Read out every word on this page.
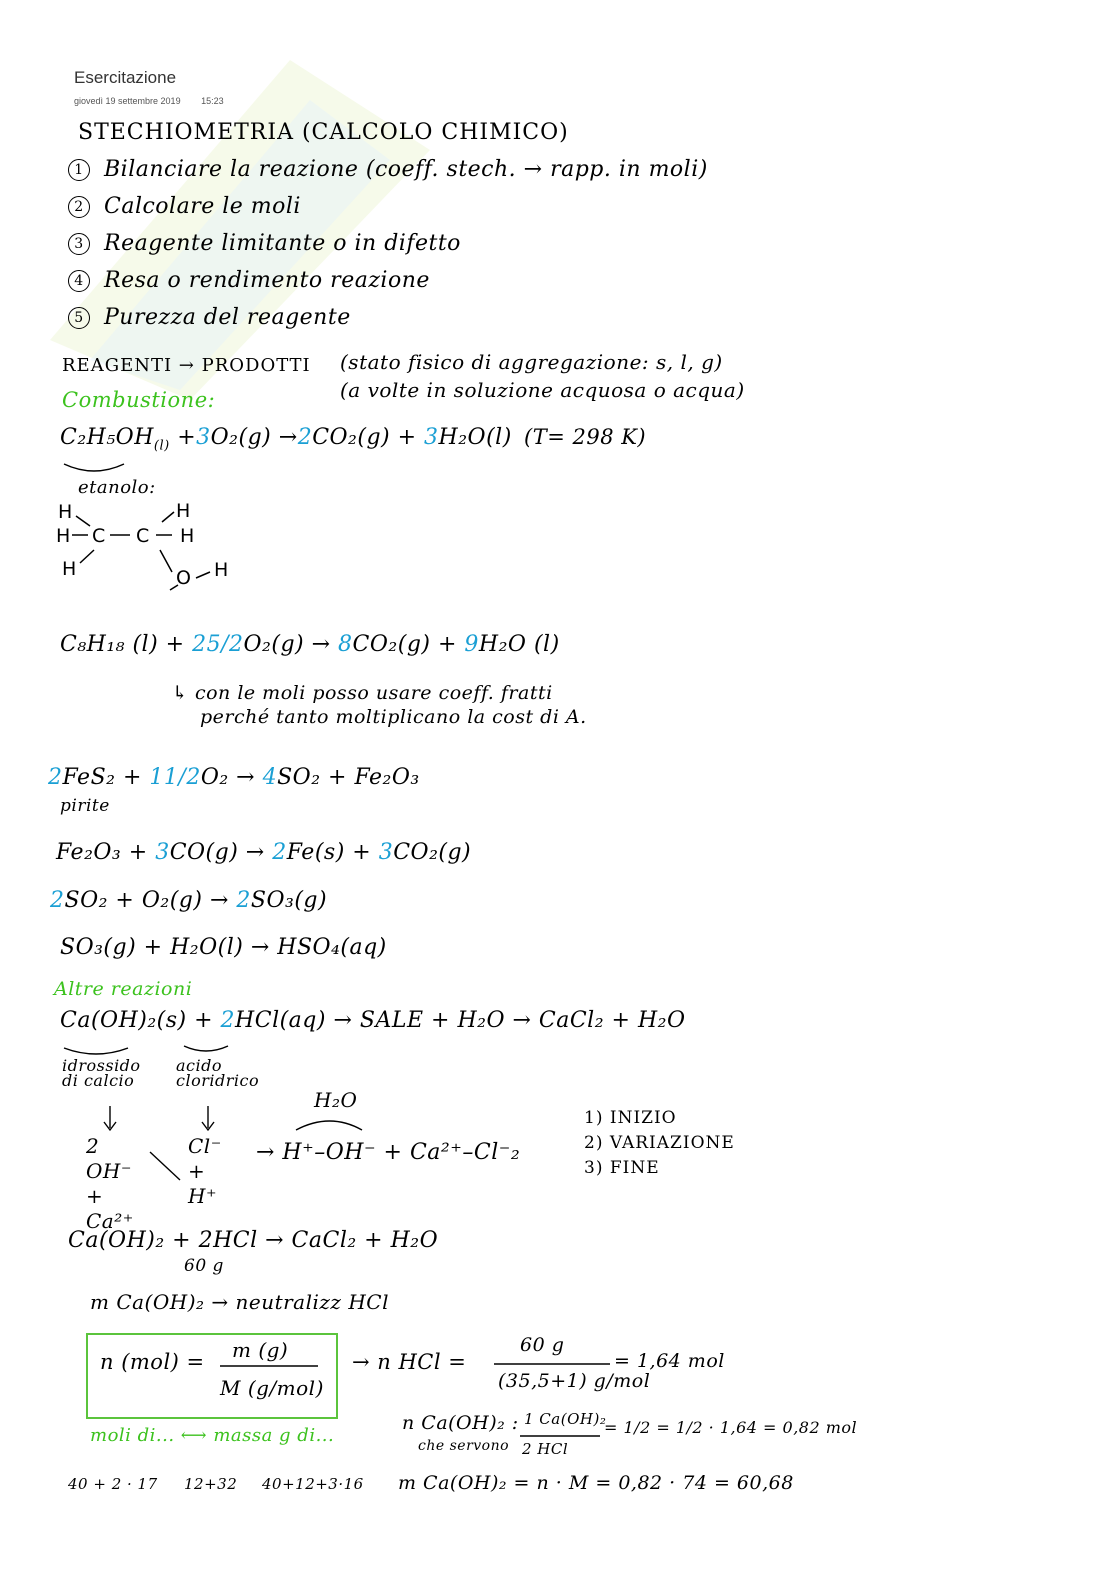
Esercitazione
giovedì 19 settembre 2019 15:23
STECHIOMETRIA (CALCOLO CHIMICO)
1 Bilanciare la reazione (coeff. stech. → rapp. in moli)
2 Calcolare le moli
3 Reagente limitante o in difetto
4 Resa o rendimento reazione
5 Purezza del reagente
REAGENTI → PRODOTTI (stato fisico di aggregazione: s, l, g)
(a volte in soluzione acquosa o acqua)
Combustione:
$C_2H_5OH_{(l)} +3O_2(g) \to 2CO_2(g) + 3H_2O(l)$ (T= 298 K)
etanolo:
H
H C C H
H
H	O H
C₈H₁₈ (l) + 25/2O₂(g) → 8CO₂(g) + 9H₂O (l)
↳ con le moli posso usare coeff. fratti
perché tanto moltiplicano la cost di A.
2FeS₂ + 11/2O₂ → 4SO₂ + Fe₂O₃
pirite
Fe₂O₃ + 3CO(g) → 2Fe(s) + 3CO₂(g)
2SO₂ + O₂(g) → 2SO₃(g)
SO₃(g) + H₂O(l) → HSO₄(aq)
Altre reazioni
Ca(OH)₂(s) + 2HCl(aq) → SALE + H₂O → CaCl₂ + H₂O
idrossido di calcio
acido cloridrico
2 OH⁻ + Ca²⁺
Cl⁻ + H⁺
H₂O
→ H⁺–OH⁻ + Ca²⁺–Cl⁻₂
1) INIZIO
2) VARIAZIONE
3) FINE
Ca(OH)₂ + 2HCl → CaCl₂ + H₂O
60 g
m Ca(OH)₂ → neutralizz HCl
n (mol) = m (g)
M (g/mol)
moli di... ⟷ massa g di...
→ n HCl =
60 g
(35,5+1) g/mol
= 1,64 mol
n Ca(OH)₂ :
che servono
1 Ca(OH)₂
2 HCl
= 1/2 = 1/2 · 1,64 = 0,82 mol
40 + 2 · 17 12+32 40+12+3·16 m Ca(OH)₂ = n · M = 0,82 · 74 = 60,68
